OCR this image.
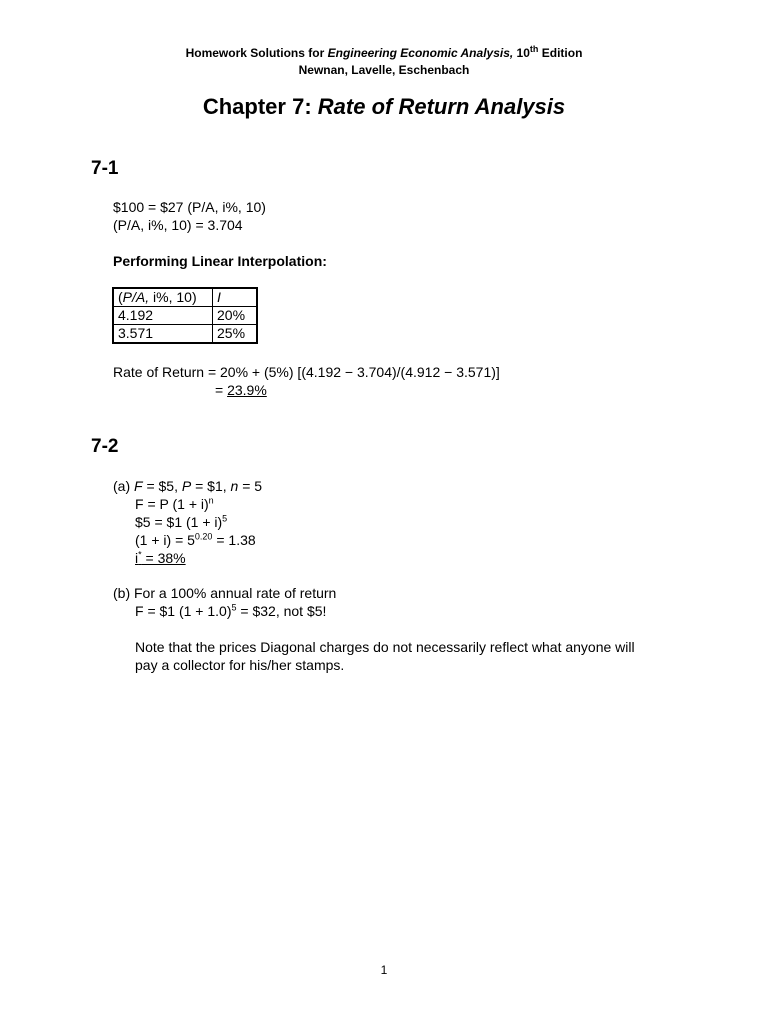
Homework Solutions for Engineering Economic Analysis, 10th Edition
Newnan, Lavelle, Eschenbach
Chapter 7: Rate of Return Analysis
7-1
$100 = $27 (P/A, i%, 10)
(P/A, i%, 10) = 3.704
Performing Linear Interpolation:
(P/A, i%, 10)	I
4.192	20%
3.571	25%
Rate of Return = 20% + (5%) [(4.192 − 3.704)/(4.912 − 3.571)]
= 23.9%
7-2
(a) F = $5, P = $1, n = 5
F = P $(1 + i)^n$
$5 = $1 $(1 + i)^5$
$(1 + i) = 5^{0.20} = 1.38$
i* = 38%
(b) For a 100% annual rate of return
F = $1 $(1 + 1.0)^5$ = $32, not $5!
Note that the prices Diagonal charges do not necessarily reflect what anyone will
pay a collector for his/her stamps.
1
